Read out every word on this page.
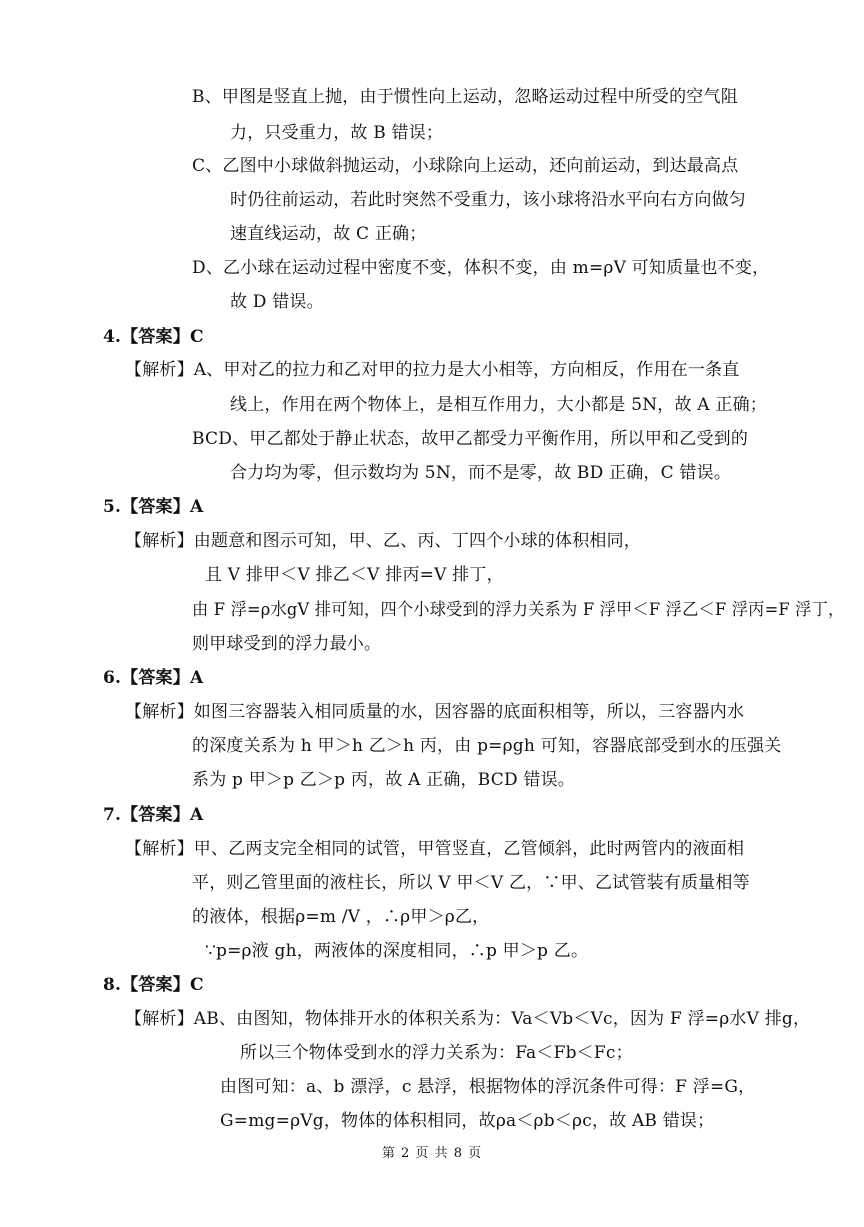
B、甲图是竖直上抛，由于惯性向上运动，忽略运动过程中所受的空气阻
力，只受重力，故 B 错误；
C、乙图中小球做斜抛运动，小球除向上运动，还向前运动，到达最高点
时仍往前运动，若此时突然不受重力，该小球将沿水平向右方向做匀
速直线运动，故 C 正确；
D、乙小球在运动过程中密度不变，体积不变，由 m=ρV 可知质量也不变，
故 D 错误。
4.【答案】C
【解析】A、甲对乙的拉力和乙对甲的拉力是大小相等，方向相反，作用在一条直
线上，作用在两个物体上，是相互作用力，大小都是 5N，故 A 正确；
BCD、甲乙都处于静止状态，故甲乙都受力平衡作用，所以甲和乙受到的
合力均为零，但示数均为 5N，而不是零，故 BD 正确，C 错误。
5.【答案】A
【解析】由题意和图示可知，甲、乙、丙、丁四个小球的体积相同，
且 V 排甲＜V 排乙＜V 排丙=V 排丁，
由 F 浮=ρ水gV 排可知，四个小球受到的浮力关系为 F 浮甲＜F 浮乙＜F 浮丙=F 浮丁，
则甲球受到的浮力最小。
6.【答案】A
【解析】如图三容器装入相同质量的水，因容器的底面积相等，所以，三容器内水
的深度关系为 h 甲＞h 乙＞h 丙，由 p=ρgh 可知，容器底部受到水的压强关
系为 p 甲＞p 乙＞p 丙，故 A 正确，BCD 错误。
7.【答案】A
【解析】甲、乙两支完全相同的试管，甲管竖直，乙管倾斜，此时两管内的液面相
平，则乙管里面的液柱长，所以 V 甲＜V 乙，∵甲、乙试管装有质量相等
的液体，根据ρ=m /V ，∴ρ甲＞ρ乙，
∵p=ρ液 gh，两液体的深度相同，∴p 甲＞p 乙。
8.【答案】C
【解析】AB、由图知，物体排开水的体积关系为：Va＜Vb＜Vc，因为 F 浮=ρ水V 排g，
所以三个物体受到水的浮力关系为：Fa＜Fb＜Fc；
由图可知：a、b 漂浮，c 悬浮，根据物体的浮沉条件可得：F 浮=G，
G=mg=ρVg，物体的体积相同，故ρa＜ρb＜ρc，故 AB 错误；
第 2 页 共 8 页
